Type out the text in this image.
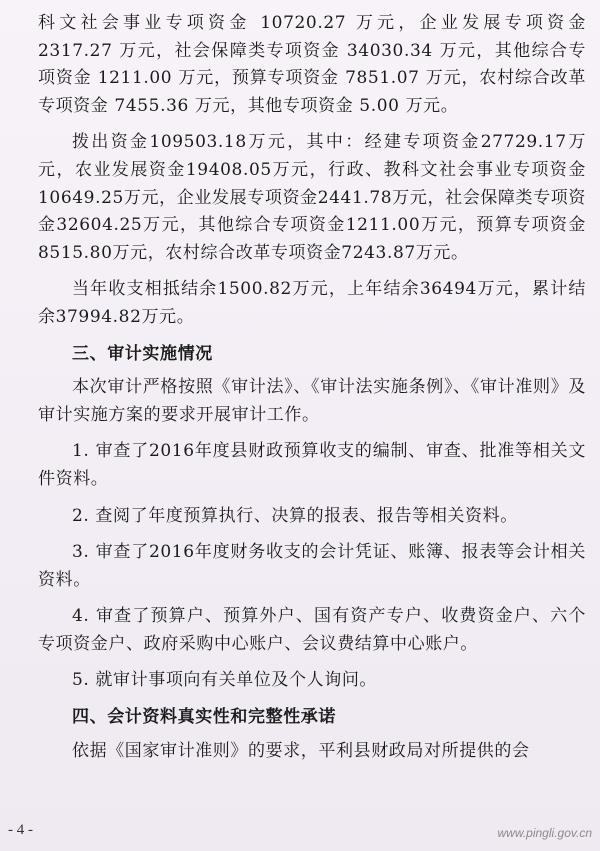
科文社会事业专项资金 10720.27 万元，企业发展专项资金 2317.27 万元，社会保障类专项资金 34030.34 万元，其他综合专项资金 1211.00 万元，预算专项资金 7851.07 万元，农村综合改革专项资金 7455.36 万元，其他专项资金 5.00 万元。

拨出资金109503.18万元，其中：经建专项资金27729.17万元，农业发展资金19408.05万元，行政、教科文社会事业专项资金10649.25万元，企业发展专项资金2441.78万元，社会保障类专项资金32604.25万元，其他综合专项资金1211.00万元，预算专项资金8515.80万元，农村综合改革专项资金7243.87万元。

当年收支相抵结余1500.82万元，上年结余36494万元，累计结余37994.82万元。

三、审计实施情况

本次审计严格按照《审计法》、《审计法实施条例》、《审计准则》及审计实施方案的要求开展审计工作。

1. 审查了2016年度县财政预算收支的编制、审查、批准等相关文件资料。

2. 查阅了年度预算执行、决算的报表、报告等相关资料。

3. 审查了2016年度财务收支的会计凭证、账簿、报表等会计相关资料。

4. 审查了预算户、预算外户、国有资产专户、收费资金户、六个专项资金户、政府采购中心账户、会议费结算中心账户。

5. 就审计事项向有关单位及个人询问。

四、会计资料真实性和完整性承诺

依据《国家审计准则》的要求，平利县财政局对所提供的会

- 4 -	www.pingli.gov.cn
